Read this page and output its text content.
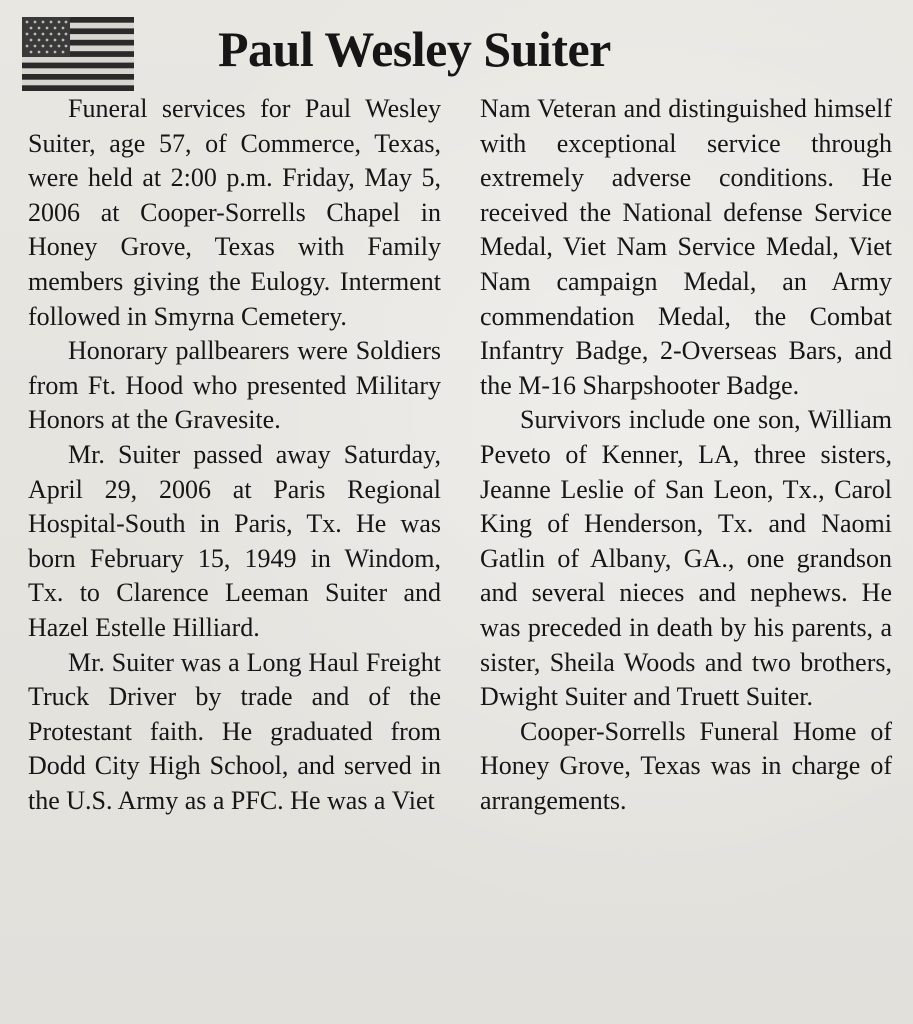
Paul Wesley Suiter

Funeral services for Paul Wesley Suiter, age 57, of Commerce, Texas, were held at 2:00 p.m. Friday, May 5, 2006 at Cooper-Sorrells Chapel in Honey Grove, Texas with Family members giving the Eulogy. Interment followed in Smyrna Cemetery.

Honorary pallbearers were Soldiers from Ft. Hood who presented Military Honors at the Gravesite.

Mr. Suiter passed away Saturday, April 29, 2006 at Paris Regional Hospital-South in Paris, Tx. He was born February 15, 1949 in Windom, Tx. to Clarence Leeman Suiter and Hazel Estelle Hilliard.

Mr. Suiter was a Long Haul Freight Truck Driver by trade and of the Protestant faith. He graduated from Dodd City High School, and served in the U.S. Army as a PFC. He was a Viet

Nam Veteran and distinguished himself with exceptional service through extremely adverse conditions. He received the National defense Service Medal, Viet Nam Service Medal, Viet Nam campaign Medal, an Army commendation Medal, the Combat Infantry Badge, 2-Overseas Bars, and the M-16 Sharpshooter Badge.

Survivors include one son, William Peveto of Kenner, LA, three sisters, Jeanne Leslie of San Leon, Tx., Carol King of Henderson, Tx. and Naomi Gatlin of Albany, GA., one grandson and several nieces and nephews. He was preceded in death by his parents, a sister, Sheila Woods and two brothers, Dwight Suiter and Truett Suiter.

Cooper-Sorrells Funeral Home of Honey Grove, Texas was in charge of arrangements.
